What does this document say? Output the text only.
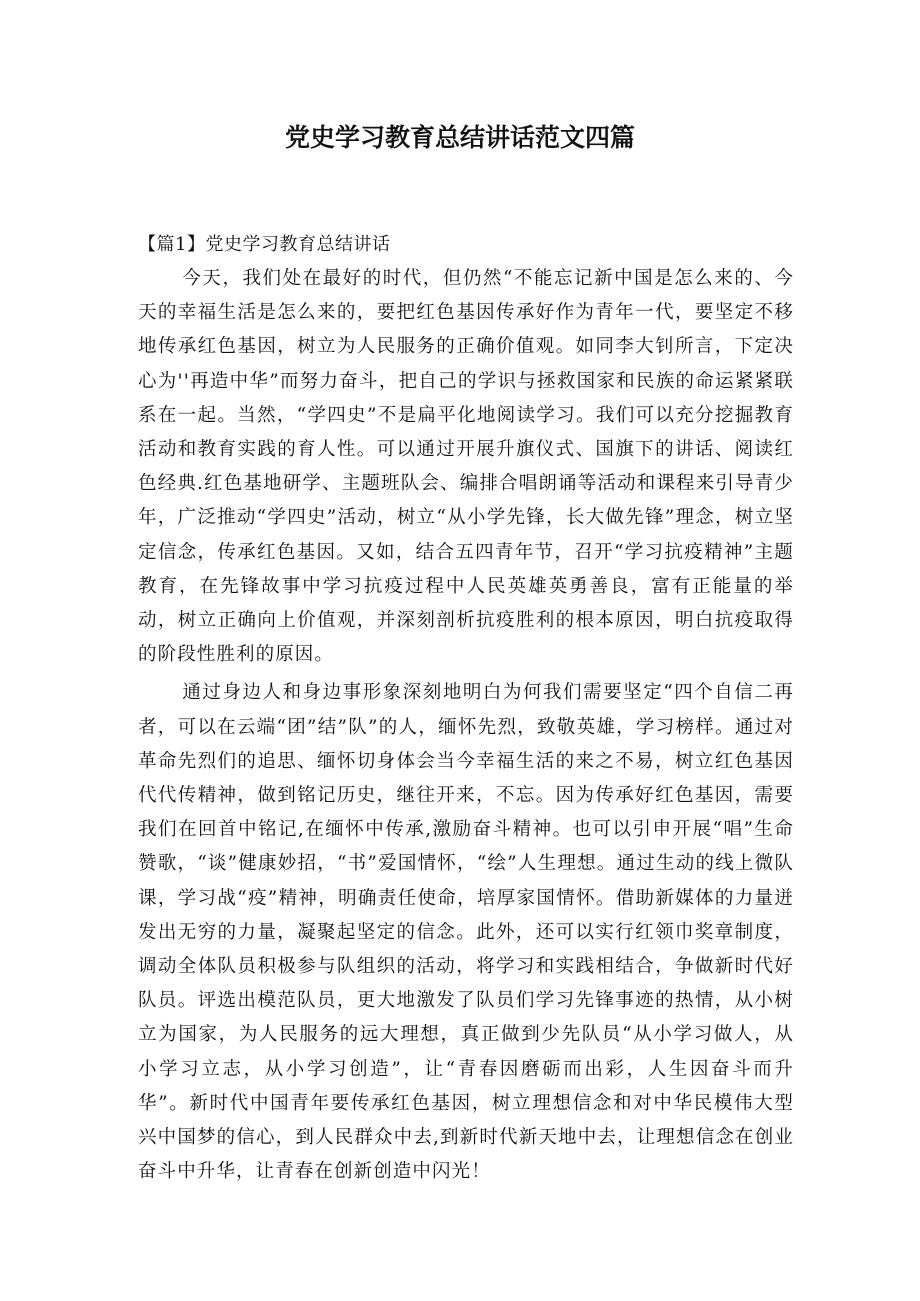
党史学习教育总结讲话范文四篇
【篇1】党史学习教育总结讲话

今天，我们处在最好的时代，但仍然“不能忘记新中国是怎么来的、今天的幸福生活是怎么来的，要把红色基因传承好作为青年一代，要坚定不移地传承红色基因，树立为人民服务的正确价值观。如同李大钊所言，下定决心为''再造中华”而努力奋斗，把自己的学识与拯救国家和民族的命运紧紧联系在一起。当然，“学四史”不是扁平化地阅读学习。我们可以充分挖掘教育活动和教育实践的育人性。可以通过开展升旗仪式、国旗下的讲话、阅读红色经典.红色基地研学、主题班队会、编排合唱朗诵等活动和课程来引导青少年，广泛推动“学四史”活动，树立“从小学先锋，长大做先锋”理念，树立坚定信念，传承红色基因。又如，结合五四青年节，召开“学习抗疫精神”主题教育，在先锋故事中学习抗疫过程中人民英雄英勇善良，富有正能量的举动，树立正确向上价值观，并深刻剖析抗疫胜利的根本原因，明白抗疫取得的阶段性胜利的原因。

通过身边人和身边事形象深刻地明白为何我们需要坚定“四个自信二再者，可以在云端“团”结”队”的人，缅怀先烈，致敬英雄，学习榜样。通过对革命先烈们的追思、缅怀切身体会当今幸福生活的来之不易，树立红色基因代代传精神，做到铭记历史，继往开来，不忘。因为传承好红色基因，需要我们在回首中铭记,在缅怀中传承,激励奋斗精神。也可以引申开展“唱”生命赞歌，“谈”健康妙招，“书”爱国情怀，“绘”人生理想。通过生动的线上微队课，学习战“疫”精神，明确责任使命，培厚家国情怀。借助新媒体的力量迸发出无穷的力量，凝聚起坚定的信念。此外，还可以实行红领巾奖章制度，调动全体队员积极参与队组织的活动，将学习和实践相结合，争做新时代好队员。评选出模范队员，更大地激发了队员们学习先锋事迹的热情，从小树立为国家，为人民服务的远大理想，真正做到少先队员“从小学习做人，从小学习立志，从小学习创造”，让“青春因磨砺而出彩，人生因奋斗而升华”。新时代中国青年要传承红色基因，树立理想信念和对中华民模伟大型兴中国梦的信心，到人民群众中去,到新时代新天地中去，让理想信念在创业奋斗中升华，让青春在创新创造中闪光！
